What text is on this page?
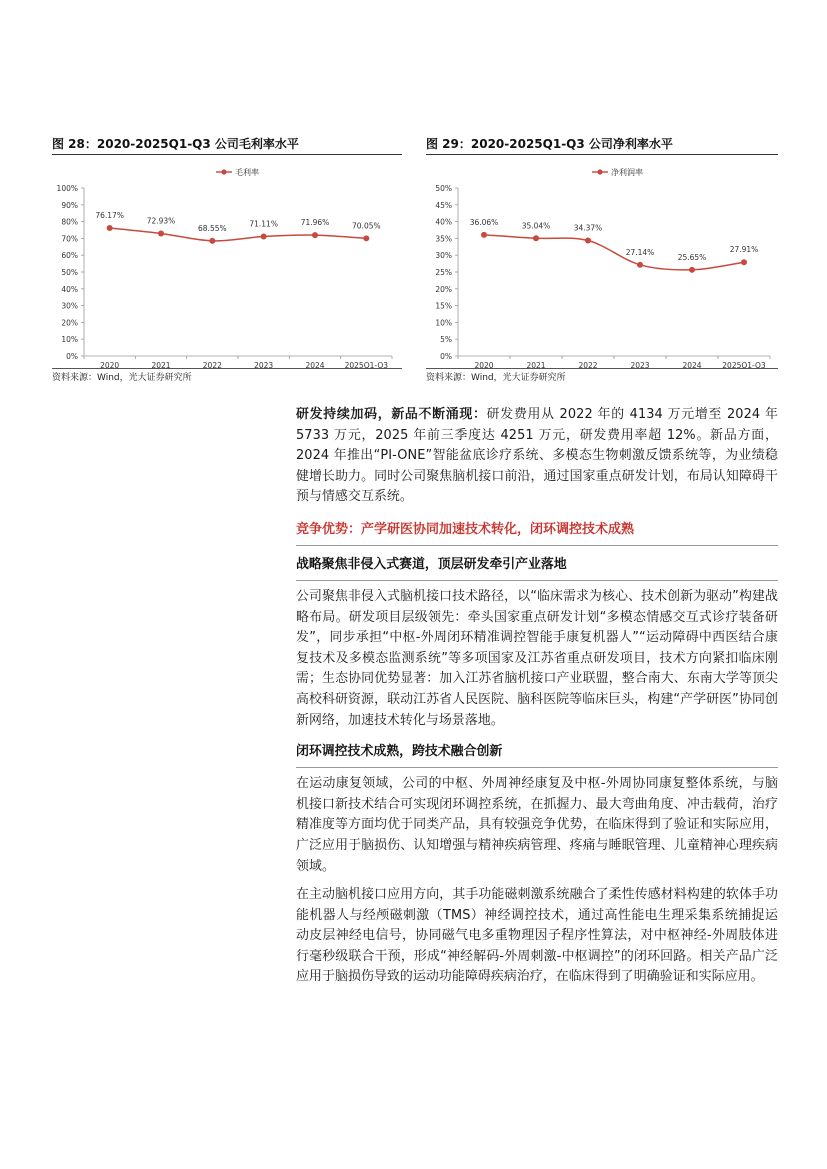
图 28：2020-2025Q1-Q3 公司毛利率水平
毛利率
0%
10%
20%
30%
40%
50%
60%
70%
80%
90%
100%
2020	2021	2022	2023	2024	2025Q1-Q3
76.17%
72.93%
68.55%	71.11%	71.96%	70.05%
资料来源：Wind，光大证券研究所
图 29：2020-2025Q1-Q3 公司净利率水平
净利润率
0%
5%
10%
15%
20%
25%
30%
35%
40%
45%
50%
2020	2021	2022	2023	2024	2025Q1-Q3
36.06%	35.04%	34.37%
27.14%
25.65%
27.91%
资料来源：Wind，光大证券研究所

研发持续加码，新品不断涌现：研发费用从 2022 年的 4134 万元增至 2024 年 5733 万元，2025 年前三季度达 4251 万元，研发费用率超 12%。新品方面，2024 年推出“PI-ONE”智能盆底诊疗系统、多模态生物刺激反馈系统等，为业绩稳健增长助力。同时公司聚焦脑机接口前沿，通过国家重点研发计划，布局认知障碍干预与情感交互系统。

竞争优势：产学研医协同加速技术转化，闭环调控技术成熟
战略聚焦非侵入式赛道，顶层研发牵引产业落地

公司聚焦非侵入式脑机接口技术路径，以“临床需求为核心、技术创新为驱动”构建战略布局。研发项目层级领先：牵头国家重点研发计划“多模态情感交互式诊疗装备研发”，同步承担“中枢-外周闭环精准调控智能手康复机器人”“运动障碍中西医结合康复技术及多模态监测系统”等多项国家及江苏省重点研发项目，技术方向紧扣临床刚需；生态协同优势显著：加入江苏省脑机接口产业联盟，整合南大、东南大学等顶尖高校科研资源，联动江苏省人民医院、脑科医院等临床巨头，构建“产学研医”协同创新网络，加速技术转化与场景落地。

闭环调控技术成熟，跨技术融合创新

在运动康复领域，公司的中枢、外周神经康复及中枢-外周协同康复整体系统，与脑机接口新技术结合可实现闭环调控系统，在抓握力、最大弯曲角度、冲击载荷，治疗精准度等方面均优于同类产品，具有较强竞争优势，在临床得到了验证和实际应用，广泛应用于脑损伤、认知增强与精神疾病管理、疼痛与睡眠管理、儿童精神心理疾病领域。

在主动脑机接口应用方向，其手功能磁刺激系统融合了柔性传感材料构建的软体手功能机器人与经颅磁刺激（TMS）神经调控技术，通过高性能电生理采集系统捕捉运动皮层神经电信号，协同磁气电多重物理因子程序性算法，对中枢神经-外周肢体进行毫秒级联合干预，形成“神经解码-外周刺激-中枢调控”的闭环回路。相关产品广泛应用于脑损伤导致的运动功能障碍疾病治疗，在临床得到了明确验证和实际应用。
